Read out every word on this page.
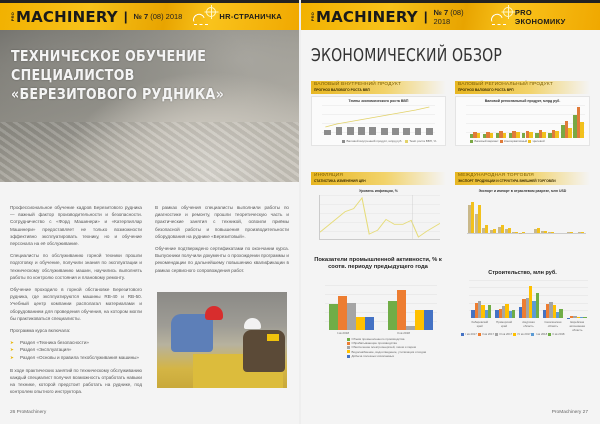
PRO MACHINERY | № 7 (08) 2018	HR-СТРАНИЧКА
ТЕХНИЧЕСКОЕ ОБУЧЕНИЕ
СПЕЦИАЛИСТОВ
«БЕРЕЗИТОВОГО РУДНИКА»

Профессиональное обучение кадров Березитового рудника — важный фактор производительности и безопасности. Сотрудничество с «Форд Машинери» и «Катерпиллар Машинери» предоставляет не только возможности эффективно эксплуатировать технику, но и обучение персонала на её обслуживание.

Специалисты по обслуживанию горной техники прошли подготовку и обучение, получили знания по эксплуатации и техническому обслуживанию машин, научились выполнять работы по контролю состояния и плановому ремонту.

Обучение проходило в горной обстановке Березитового рудника, где эксплуатируются машины RB-40 и RB-50. Учебный центр компании располагал материалами и оборудованием для проведения обучения, на котором могли бы практиковаться специалисты.

Программа курса включала:

➤ Раздел «Техника безопасности»
➤ Раздел «Эксплуатация»
➤ Раздел «Основы и правила техобслуживания машины»

В ходе практических занятий по техническому обслуживанию каждый специалист получил возможность отработать навыки на технике, которой предстоит работать на руднике, под контролем опытного инструктора.

В рамках обучения специалисты выполнили работы по диагностике и ремонту, прошли теоретическую часть и практические занятия с техникой, освоили приёмы безопасной работы и повышения производительности оборудования на руднике «Березитовый».

Обучение подтверждено сертификатами по окончании курса. Выпускники получили документы о прохождении программы и рекомендации по дальнейшему повышению квалификации в рамках сервисного сопровождения работ.

26 ProMachinery
PRO MACHINERY | № 7 (08) 2018
PRO ЭКОНОМИКУ
ЭКОНОМИЧЕСКИЙ ОБЗОР
ВАЛОВЫЙ ВНУТРЕННИЙ ПРОДУКТ
ПРОГНОЗ ВАЛОВОГО РОСТА ВВП
Темпы экономического роста ВВП
Валовой внутренний продукт, млрд руб. Темп роста ВВП, %
ВАЛОВЫЙ РЕГИОНАЛЬНЫЙ ПРОДУКТ
ПРОГНОЗ ВАЛОВОГО РОСТА ВРП
Валовой региональный продукт, млрд руб.
Базовый вариант Консервативный Целевой
ИНФЛЯЦИЯ
СТАТИСТИКА ИЗМЕНЕНИЯ ЦЕН
Уровень инфляции, %
МЕЖДУНАРОДНАЯ ТОРГОВЛЯ
ЭКСПОРТ ПРОДУКЦИИ И СТРУКТУРА ВНЕШНЕЙ ТОРГОВЛИ
Экспорт и импорт в отраслевом разрезе, млн USD
Показатели промышленной активности, % к соотв. периоду предыдущего года
I кв 2018	II кв 2018
Объём промышленного производства
Обрабатывающие производства
Обеспечение электроэнергией, газом и паром
Водоснабжение, водоотведение, утилизация отходов
Добыча полезных ископаемых
Строительство, млн руб.
Хабаровский край
Приморский край
Амурская область
Сахалинская область
Еврейская автономная область
I кв 2017 II кв 2017 III кв 2017 IV кв 2017 I кв 2018 II кв 2018
ProMachinery 27
